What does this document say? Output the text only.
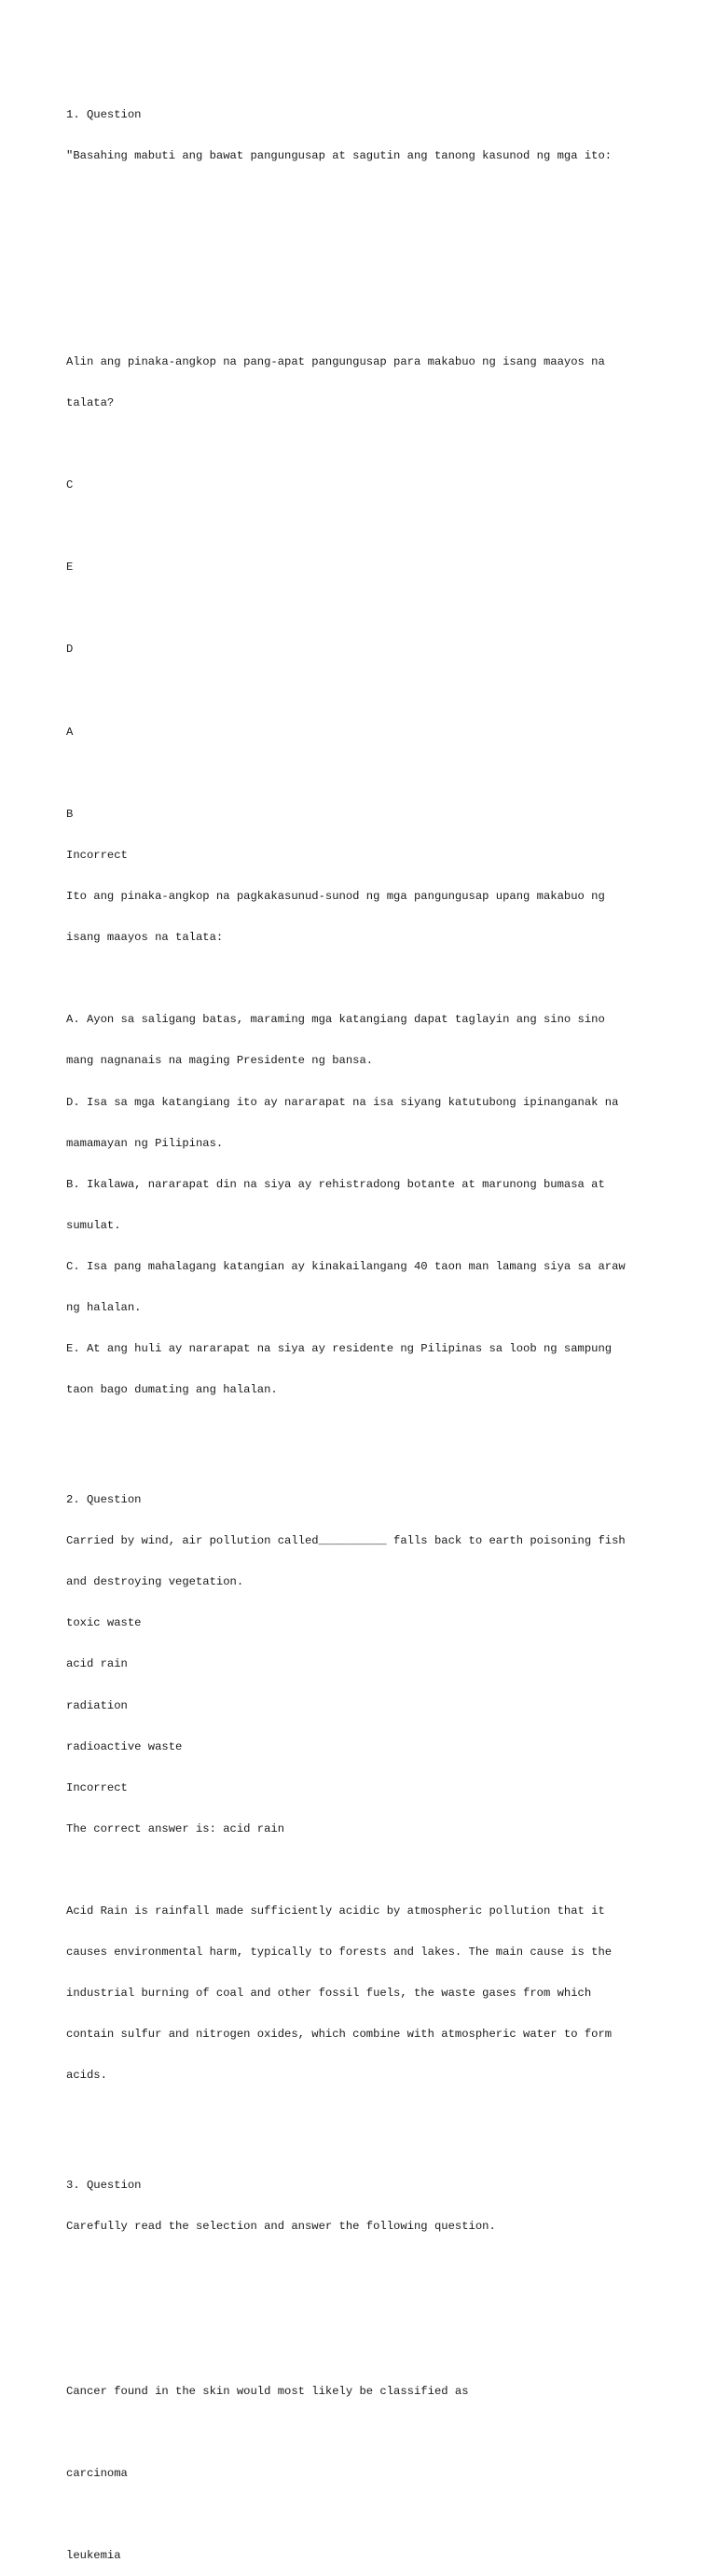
1. Question

"Basahing mabuti ang bawat pangungusap at sagutin ang tanong kasunod ng mga ito:

Alin ang pinaka-angkop na pang-apat pangungusap para makabuo ng isang maayos na

talata?

C

E

D

A

B

Incorrect

Ito ang pinaka-angkop na pagkakasunud-sunod ng mga pangungusap upang makabuo ng

isang maayos na talata:

A. Ayon sa saligang batas, maraming mga katangiang dapat taglayin ang sino sino

mang nagnanais na maging Presidente ng bansa.

D. Isa sa mga katangiang ito ay nararapat na isa siyang katutubong ipinanganak na

mamamayan ng Pilipinas.

B. Ikalawa, nararapat din na siya ay rehistradong botante at marunong bumasa at

sumulat.

C. Isa pang mahalagang katangian ay kinakailangang 40 taon man lamang siya sa araw

ng halalan.

E. At ang huli ay nararapat na siya ay residente ng Pilipinas sa loob ng sampung

taon bago dumating ang halalan.

2. Question

Carried by wind, air pollution called__________ falls back to earth poisoning fish

and destroying vegetation.

toxic waste

acid rain

radiation

radioactive waste

Incorrect

The correct answer is: acid rain

Acid Rain is rainfall made sufficiently acidic by atmospheric pollution that it

causes environmental harm, typically to forests and lakes. The main cause is the

industrial burning of coal and other fossil fuels, the waste gases from which

contain sulfur and nitrogen oxides, which combine with atmospheric water to form

acids.

3. Question

Carefully read the selection and answer the following question.

Cancer found in the skin would most likely be classified as

carcinoma

leukemia
